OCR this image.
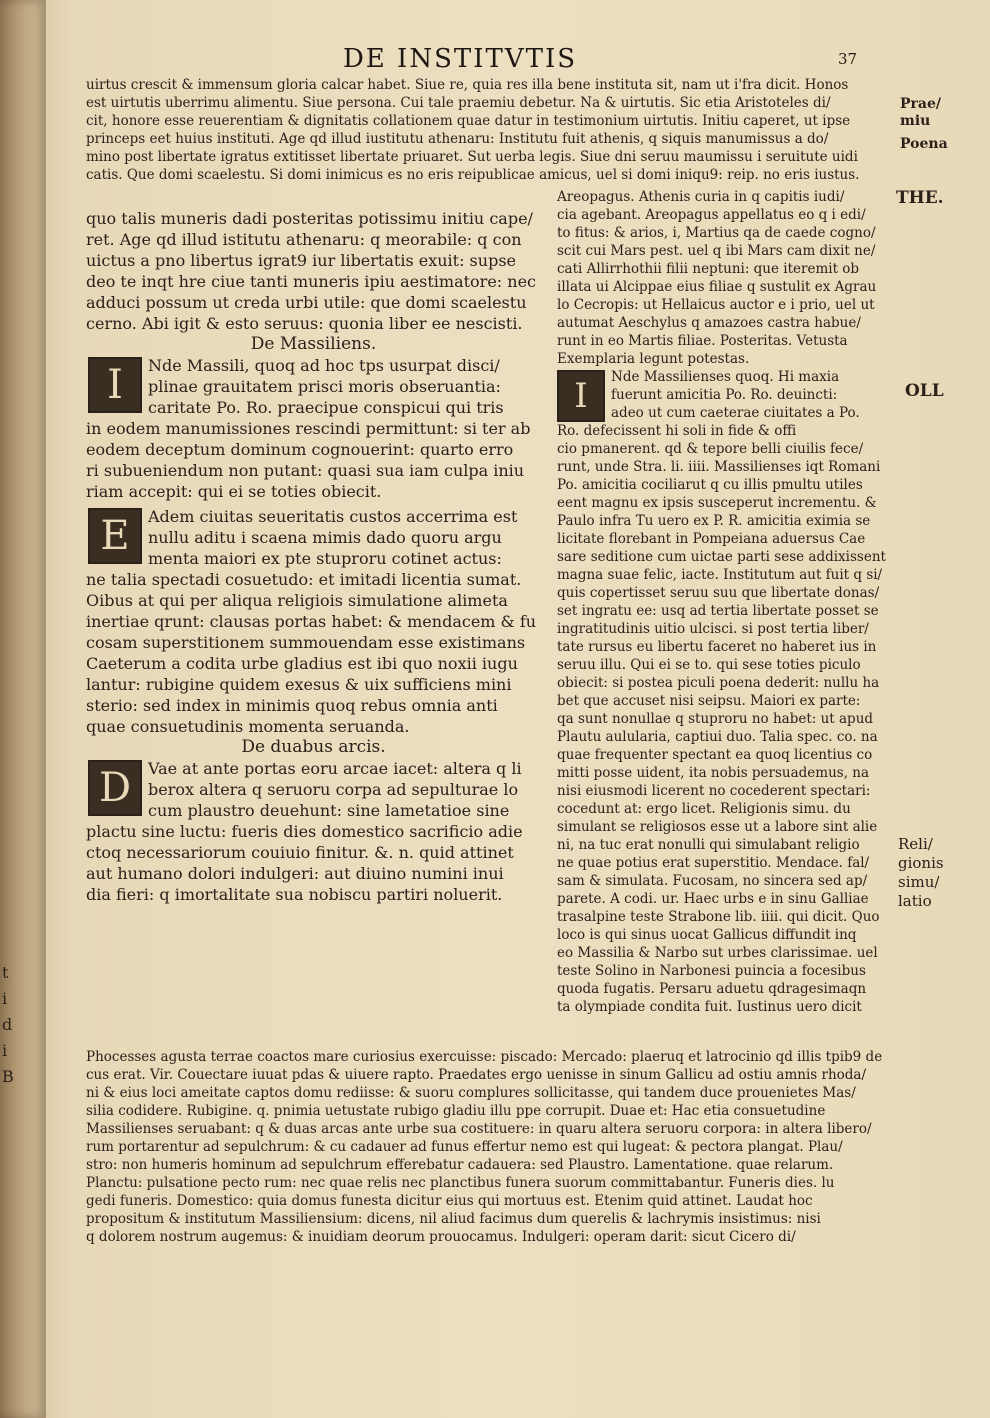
t
i
d
i
B
DE INSTITVTIS	37
uirtus crescit & immensum gloria calcar habet. Siue re, quia res illa bene instituta sit, nam ut i'fra dicit. Honos
est uirtutis uberrimu alimentu. Siue persona. Cui tale praemiu debetur. Na & uirtutis. Sic etia Aristoteles di/
cit, honore esse reuerentiam & dignitatis collationem quae datur in testimonium uirtutis. Initiu caperet, ut ipse
princeps eet huius instituti. Age qd illud iustitutu athenaru: Institutu fuit athenis, q siquis manumissus a do/
mino post libertate igratus extitisset libertate priuaret. Sut uerba legis. Siue dni seruu maumissu i seruitute uidi
catis. Que domi scaelestu. Si domi inimicus es no eris reipublicae amicus, uel si domi iniqu9: reip. no eris iustus.
quo talis muneris dadi posteritas potissimu initiu cape/
ret. Age qd illud istitutu athenaru: q meorabile: q con
uictus a pno libertus igrat9 iur libertatis exuit: supse
deo te inqt hre ciue tanti muneris ipiu aestimatore: nec
adduci possum ut creda urbi utile: que domi scaelestu
cerno. Abi igit & esto seruus: quonia liber ee nescisti.
De Massiliens.
I	Nde Massili, quoq ad hoc tps usurpat disci/
plinae grauitatem prisci moris obseruantia:
caritate Po. Ro. praecipue conspicui qui tris
in eodem manumissiones rescindi permittunt: si ter ab
eodem deceptum dominum cognouerint: quarto erro
ri subueniendum non putant: quasi sua iam culpa iniu
riam accepit: qui ei se toties obiecit.
E	Adem ciuitas seueritatis custos accerrima est
nullu aditu i scaena mimis dado quoru argu
menta maiori ex pte stuproru cotinet actus:
ne talia spectadi cosuetudo: et imitadi licentia sumat.
Oibus at qui per aliqua religiois simulatione alimeta
inertiae qrunt: clausas portas habet: & mendacem & fu
cosam superstitionem summouendam esse existimans
Caeterum a codita urbe gladius est ibi quo noxii iugu
lantur: rubigine quidem exesus & uix sufficiens mini
sterio: sed index in minimis quoq rebus omnia anti
quae consuetudinis momenta seruanda.
De duabus arcis.
D	Vae at ante portas eoru arcae iacet: altera q li
berox altera q seruoru corpa ad sepulturae lo
cum plaustro deuehunt: sine lametatioe sine
plactu sine luctu: fueris dies domestico sacrificio adie
ctoq necessariorum couiuio finitur. &. n. quid attinet
aut humano dolori indulgeri: aut diuino numini inui
dia fieri: q imortalitate sua nobiscu partiri noluerit.
Areopagus. Athenis curia in q capitis iudi/
cia agebant. Areopagus appellatus eo q i edi/
to fitus: & arios, i, Martius qa de caede cogno/
scit cui Mars pest. uel q ibi Mars cam dixit ne/
cati Allirrhothii filii neptuni: que iteremit ob
illata ui Alcippae eius filiae q sustulit ex Agrau
lo Cecropis: ut Hellaicus auctor e i prio, uel ut
autumat Aeschylus q amazoes castra habue/
runt in eo Martis filiae. Posteritas. Vetusta
Exemplaria legunt potestas.
I	Nde Massilienses quoq. Hi maxia
fuerunt amicitia Po. Ro. deuincti:
adeo ut cum caeterae ciuitates a Po.
Ro. defecissent hi soli in fide & offi
cio pmanerent. qd & tepore belli ciuilis fece/
runt, unde Stra. li. iiii. Massilienses iqt Romani
Po. amicitia cociliarut q cu illis pmultu utiles
eent magnu ex ipsis susceperut incrementu. &
Paulo infra Tu uero ex P. R. amicitia eximia se
licitate florebant in Pompeiana aduersus Cae
sare seditione cum uictae parti sese addixissent
magna suae felic, iacte. Institutum aut fuit q si/
quis copertisset seruu suu que libertate donas/
set ingratu ee: usq ad tertia libertate posset se
ingratitudinis uitio ulcisci. si post tertia liber/
tate rursus eu libertu faceret no haberet ius in
seruu illu. Qui ei se to. qui sese toties piculo
obiecit: si postea piculi poena dederit: nullu ha
bet que accuset nisi seipsu. Maiori ex parte:
qa sunt nonullae q stuproru no habet: ut apud
Plautu aulularia, captiui duo. Talia spec. co. na
quae frequenter spectant ea quoq licentius co
mitti posse uident, ita nobis persuademus, na
nisi eiusmodi licerent no cocederent spectari:
cocedunt at: ergo licet. Religionis simu. du
simulant se religiosos esse ut a labore sint alie
ni, na tuc erat nonulli qui simulabant religio
ne quae potius erat superstitio. Mendace. fal/
sam & simulata. Fucosam, no sincera sed ap/
parete. A codi. ur. Haec urbs e in sinu Galliae
trasalpine teste Strabone lib. iiii. qui dicit. Quo
loco is qui sinus uocat Gallicus diffundit inq
eo Massilia & Narbo sut urbes clarissimae. uel
teste Solino in Narbonesi puincia a focesibus
quoda fugatis. Persaru aduetu qdragesimaqn
ta olympiade condita fuit. Iustinus uero dicit
Phocesses agusta terrae coactos mare curiosius exercuisse: piscado: Mercado: plaeruq et latrocinio qd illis tpib9 de
cus erat. Vir. Couectare iuuat pdas & uiuere rapto. Praedates ergo uenisse in sinum Gallicu ad ostiu amnis rhoda/
ni & eius loci ameitate captos domu rediisse: & suoru complures sollicitasse, qui tandem duce prouenietes Mas/
silia codidere. Rubigine. q. pnimia uetustate rubigo gladiu illu ppe corrupit. Duae et: Hac etia consuetudine
Massilienses seruabant: q & duas arcas ante urbe sua costituere: in quaru altera seruoru corpora: in altera libero/
rum portarentur ad sepulchrum: & cu cadauer ad funus effertur nemo est qui lugeat: & pectora plangat. Plau/
stro: non humeris hominum ad sepulchrum efferebatur cadauera: sed Plaustro. Lamentatione. quae relarum.
Planctu: pulsatione pecto rum: nec quae relis nec planctibus funera suorum committabantur. Funeris dies. lu
gedi funeris. Domestico: quia domus funesta dicitur eius qui mortuus est. Etenim quid attinet. Laudat hoc
propositum & institutum Massiliensium: dicens, nil aliud facimus dum querelis & lachrymis insistimus: nisi
q dolorem nostrum augemus: & inuidiam deorum prouocamus. Indulgeri: operam darit: sicut Cicero di/
Prae/ miu
Poena
THE.
OLL
Reli/ gionis simu/ latio
